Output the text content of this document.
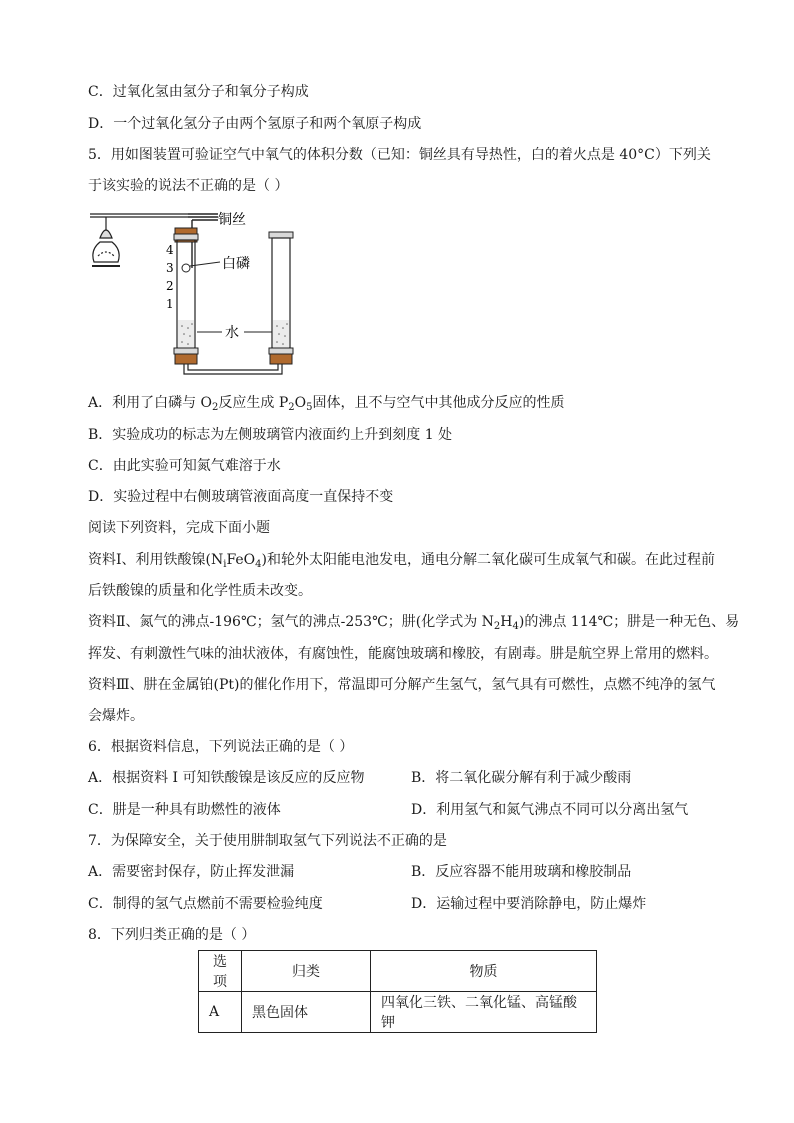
C．过氧化氢由氢分子和氧分子构成
D．一个过氧化氢分子由两个氢原子和两个氧原子构成
5．用如图装置可验证空气中氧气的体积分数（已知：铜丝具有导热性，白的着火点是 40°C）下列关
于该实验的说法不正确的是（ ）
4
3
2
1
铜丝
白磷
水
A．利用了白磷与 $O_2$反应生成 $P_2O_5$固体，且不与空气中其他成分反应的性质
B．实验成功的标志为左侧玻璃管内液面约上升到刻度 1 处
C．由此实验可知氮气难溶于水
D．实验过程中右侧玻璃管液面高度一直保持不变
阅读下列资料，完成下面小题
资料Ⅰ、利用铁酸镍$(N_iFeO_4)$和轮外太阳能电池发电，通电分解二氧化碳可生成氧气和碳。在此过程前
后铁酸镍的质量和化学性质未改变。
资料Ⅱ、氮气的沸点-196℃；氢气的沸点-253℃；肼(化学式为 $N_2H_4$)的沸点 114℃；肼是一种无色、易
挥发、有刺激性气味的油状液体，有腐蚀性，能腐蚀玻璃和橡胶，有剧毒。肼是航空界上常用的燃料。
资料Ⅲ、肼在金属铂(Pt)的催化作用下，常温即可分解产生氢气，氢气具有可燃性，点燃不纯净的氢气
会爆炸。
6．根据资料信息，下列说法正确的是（ ）
A．根据资料 I 可知铁酸镍是该反应的反应物	B．将二氧化碳分解有利于减少酸雨
C．肼是一种具有助燃性的液体	D．利用氢气和氮气沸点不同可以分离出氢气
7．为保障安全，关于使用肼制取氢气下列说法不正确的是
A．需要密封保存，防止挥发泄漏	B．反应容器不能用玻璃和橡胶制品
C．制得的氢气点燃前不需要检验纯度	D．运输过程中要消除静电，防止爆炸
8．下列归类正确的是（ ）
选项	归类	物质
A	黑色固体	四氧化三铁、二氧化锰、高锰酸钾
